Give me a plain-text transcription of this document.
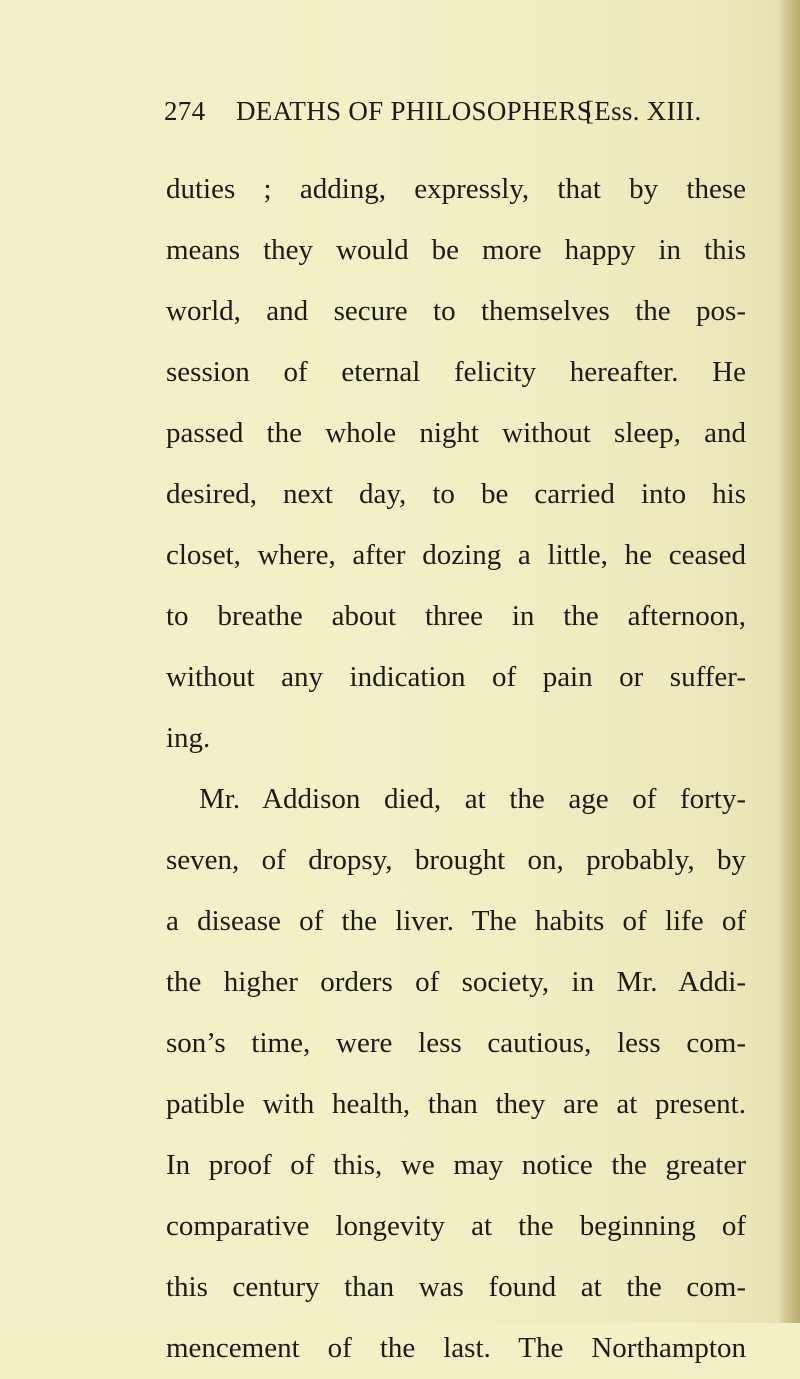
274 DEATHS OF PHILOSOPHERS
[Ess. XIII.
duties ; adding, expressly, that by these
means they would be more happy in this
world, and secure to themselves the pos-
session of eternal felicity hereafter. He
passed the whole night without sleep, and
desired, next day, to be carried into his
closet, where, after dozing a little, he ceased
to breathe about three in the afternoon,
without any indication of pain or suffer-
ing.
Mr. Addison died, at the age of forty-
seven, of dropsy, brought on, probably, by
a disease of the liver. The habits of life of
the higher orders of society, in Mr. Addi-
son’s time, were less cautious, less com-
patible with health, than they are at present.
In proof of this, we may notice the greater
comparative longevity at the beginning of
this century than was found at the com-
mencement of the last. The Northampton
